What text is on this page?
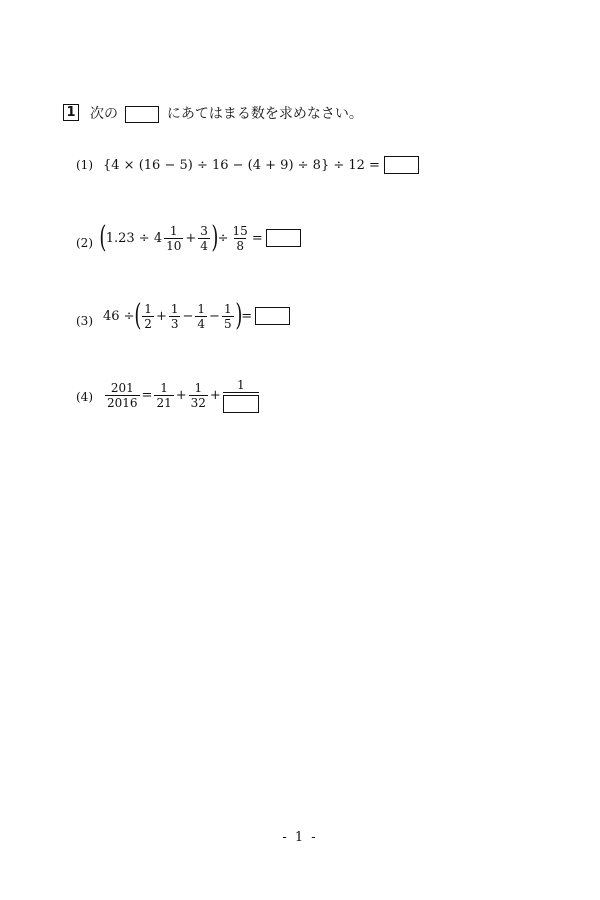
1 次の	にあてはまる数を求めなさい。
(1) {4 × (16 − 5) ÷ 16 − (4 + 9) ÷ 8} ÷ 12 =
(2) ( $1.23 \div 4 \frac{1}{10} + \frac{3}{4}$ ) ÷ $\frac{15}{8}$ =
(3) 46 ÷ ( $\frac{1}{2} + \frac{1}{3} - \frac{1}{4} - \frac{1}{5}$ ) =
$(4) \frac{201}{2016} = \frac{1}{21} + \frac{1}{32}$ +
1
- 1 -
